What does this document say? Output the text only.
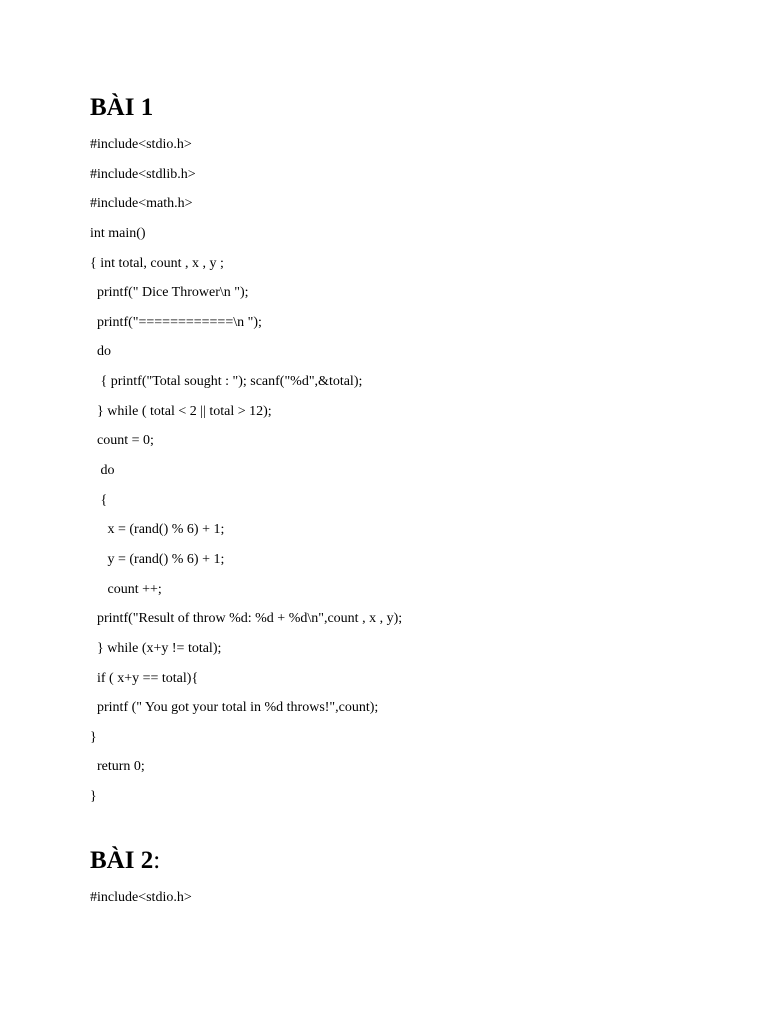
BÀI 1
#include<stdio.h>
#include<stdlib.h>
#include<math.h>
int main()
{ int total, count , x , y ;
printf(" Dice Thrower\n ");
printf("============\n ");
do
{ printf("Total sought : "); scanf("%d",&total);
} while ( total < 2 || total > 12);
count = 0;
do
{
x = (rand() % 6) + 1;
y = (rand() % 6) + 1;
count ++;
printf("Result of throw %d: %d + %d\n",count , x , y);
} while (x+y != total);
if ( x+y == total){
printf (" You got your total in %d throws!",count);
}
return 0;
}
BÀI 2:
#include<stdio.h>
